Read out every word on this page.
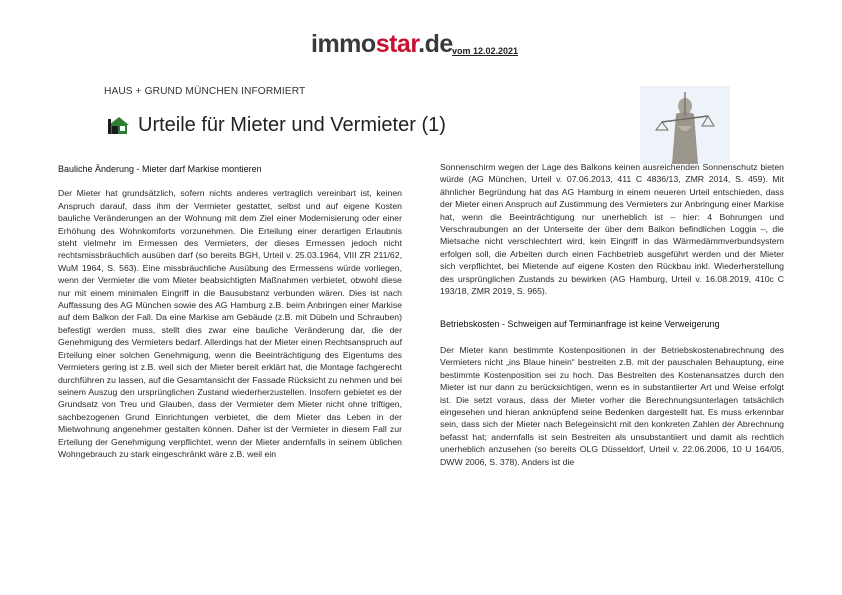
immostar.de vom 12.02.2021
HAUS + GRUND MÜNCHEN INFORMIERT
Urteile für Mieter und Vermieter (1)

Bauliche Änderung - Mieter darf Markise montieren

Der Mieter hat grundsätzlich, sofern nichts anderes vertraglich vereinbart ist, keinen Anspruch darauf, dass ihm der Vermieter gestattet, selbst und auf eigene Kosten bauliche Veränderungen an der Wohnung mit dem Ziel einer Modernisierung oder einer Erhöhung des Wohnkomforts vorzunehmen. Die Erteilung einer derartigen Erlaubnis steht vielmehr im Ermessen des Vermieters, der dieses Ermessen jedoch nicht rechtsmissbräuchlich ausüben darf (so bereits BGH, Urteil v. 25.03.1964, VIII ZR 211/62, WuM 1964, S. 563). Eine missbräuchliche Ausübung des Ermessens würde vorliegen, wenn der Vermieter die vom Mieter beabsichtigten Maßnahmen verbietet, obwohl diese nur mit einem minimalen Eingriff in die Bausubstanz verbunden wären. Dies ist nach Auffassung des AG München sowie des AG Hamburg z.B. beim Anbringen einer Markise auf dem Balkon der Fall. Da eine Markise am Gebäude (z.B. mit Dübeln und Schrauben) befestigt werden muss, stellt dies zwar eine bauliche Veränderung dar, die der Genehmigung des Vermieters bedarf. Allerdings hat der Mieter einen Rechtsanspruch auf Erteilung einer solchen Genehmigung, wenn die Beeinträchtigung des Eigentums des Vermieters gering ist z.B. weil sich der Mieter bereit erklärt hat, die Montage fachgerecht durchführen zu lassen, auf die Gesamtansicht der Fassade Rücksicht zu nehmen und bei seinem Auszug den ursprünglichen Zustand wiederherzustellen. Insofern gebietet es der Grundsatz von Treu und Glauben, dass der Vermieter dem Mieter nicht ohne triftigen, sachbezogenen Grund Einrichtungen verbietet, die dem Mieter das Leben in der Mietwohnung angenehmer gestalten können. Daher ist der Vermieter in diesem Fall zur Erteilung der Genehmigung verpflichtet, wenn der Mieter andernfalls in seinem üblichen Wohngebrauch zu stark eingeschränkt wäre z.B. weil ein

Sonnenschirm wegen der Lage des Balkons keinen ausreichenden Sonnenschutz bieten würde (AG München, Urteil v. 07.06.2013, 411 C 4836/13, ZMR 2014, S. 459). Mit ähnlicher Begründung hat das AG Hamburg in einem neueren Urteil entschieden, dass der Mieter einen Anspruch auf Zustimmung des Vermieters zur Anbringung einer Markise hat, wenn die Beeinträchtigung nur unerheblich ist – hier: 4 Bohrungen und Verschraubungen an der Unterseite der über dem Balkon befindlichen Loggia –, die Mietsache nicht verschlechtert wird, kein Eingriff in das Wärmedämmverbundsystem erfolgen soll, die Arbeiten durch einen Fachbetrieb ausgeführt werden und der Mieter sich verpflichtet, bei Mietende auf eigene Kosten den Rückbau inkl. Wiederherstellung des ursprünglichen Zustands zu bewirken (AG Hamburg, Urteil v. 16.08.2019, 410c C 193/18, ZMR 2019, S. 965).

Betriebskosten - Schweigen auf Terminanfrage ist keine Verweigerung

Der Mieter kann bestimmte Kostenpositionen in der Betriebskostenabrechnung des Vermieters nicht „ins Blaue hinein“ bestreiten z.B. mit der pauschalen Behauptung, eine bestimmte Kostenposition sei zu hoch. Das Bestreiten des Kostenansatzes durch den Mieter ist nur dann zu berücksichtigen, wenn es in substantiierter Art und Weise erfolgt ist. Die setzt voraus, dass der Mieter vorher die Berechnungsunterlagen tatsächlich eingesehen und hieran anknüpfend seine Bedenken dargestellt hat. Es muss erkennbar sein, dass sich der Mieter nach Belegeinsicht mit den konkreten Zahlen der Abrechnung befasst hat; andernfalls ist sein Bestreiten als unsubstantiiert und damit als rechtlich unerheblich anzusehen (so bereits OLG Düsseldorf, Urteil v. 22.06.2006, 10 U 164/05, DWW 2006, S. 378). Anders ist die
